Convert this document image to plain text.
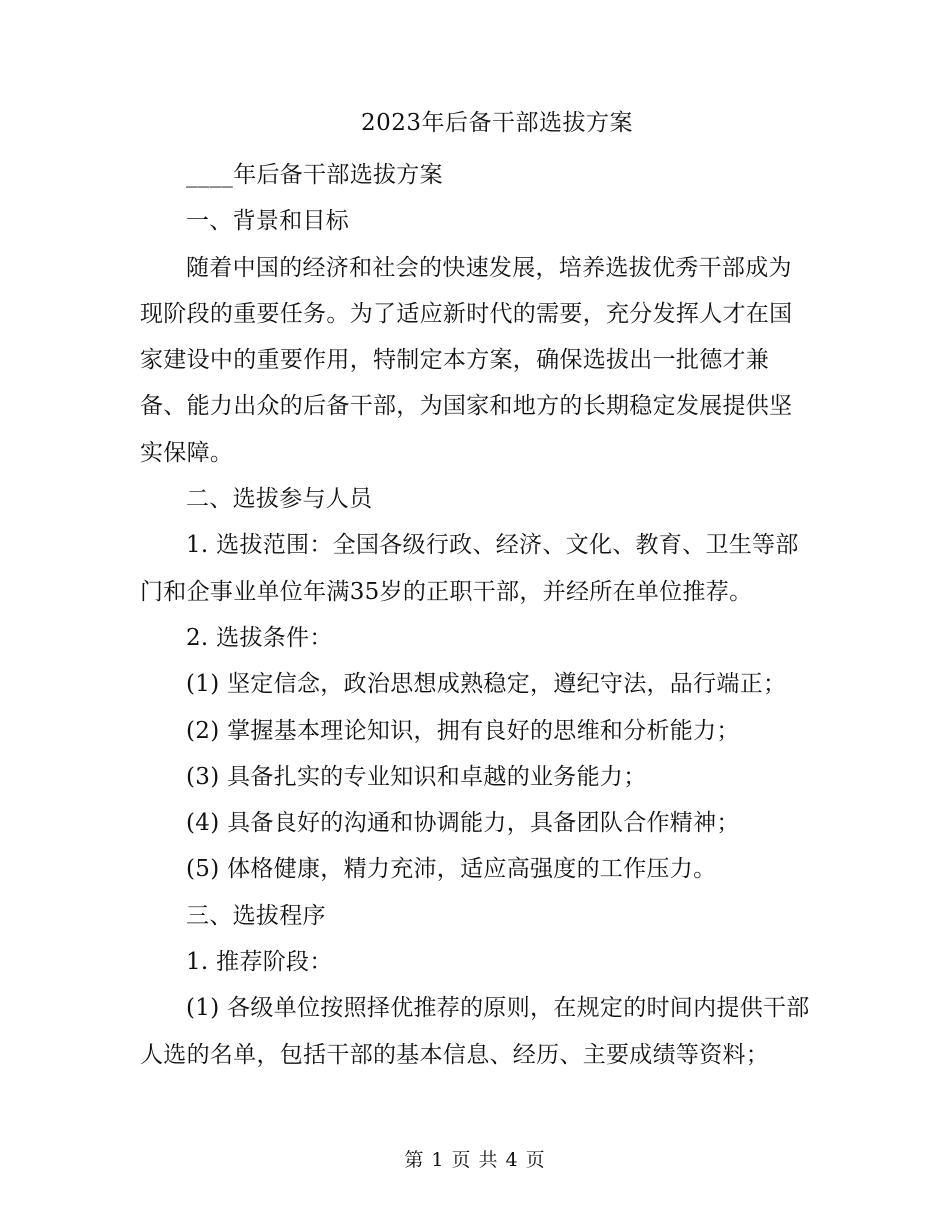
2023年后备干部选拔方案

____年后备干部选拔方案

一、背景和目标

随着中国的经济和社会的快速发展，培养选拔优秀干部成为现阶段的重要任务。为了适应新时代的需要，充分发挥人才在国家建设中的重要作用，特制定本方案，确保选拔出一批德才兼备、能力出众的后备干部，为国家和地方的长期稳定发展提供坚实保障。

二、选拔参与人员

1. 选拔范围：全国各级行政、经济、文化、教育、卫生等部门和企事业单位年满35岁的正职干部，并经所在单位推荐。

2. 选拔条件：

(1) 坚定信念，政治思想成熟稳定，遵纪守法，品行端正；

(2) 掌握基本理论知识，拥有良好的思维和分析能力；

(3) 具备扎实的专业知识和卓越的业务能力；

(4) 具备良好的沟通和协调能力，具备团队合作精神；

(5) 体格健康，精力充沛，适应高强度的工作压力。

三、选拔程序

1. 推荐阶段：

(1) 各级单位按照择优推荐的原则，在规定的时间内提供干部人选的名单，包括干部的基本信息、经历、主要成绩等资料；

第 1 页 共 4 页
